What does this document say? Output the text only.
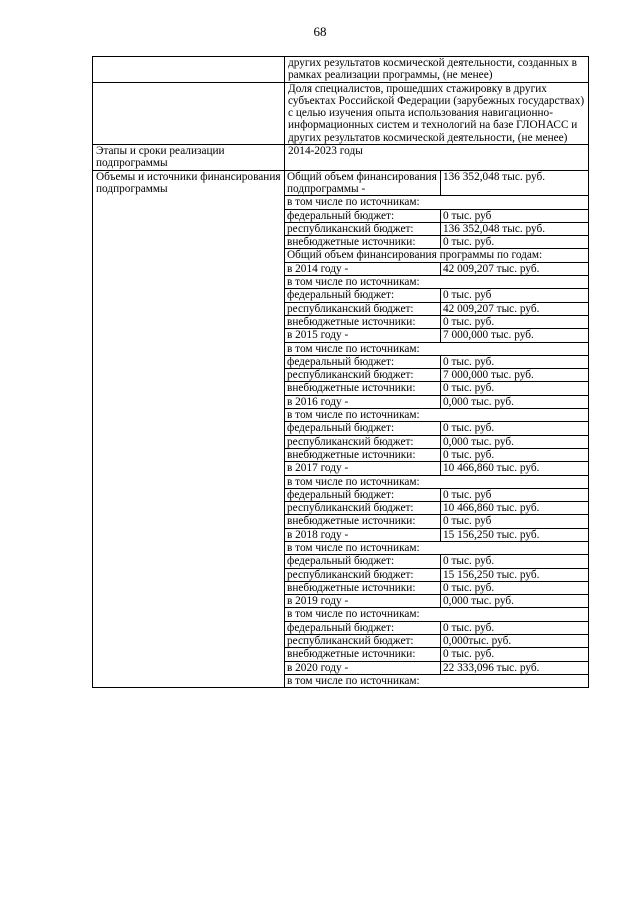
68
	других результатов космической деятельности, созданных в рамках реализации программы, (не менее)
	Доля специалистов, прошедших стажировку в других субъектах Российской Федерации (зарубежных государствах) с целью изучения опыта использования навигационно-информационных систем и технологий на базе ГЛОНАСС и других результатов космической деятельности, (не менее)
Этапы и сроки реализации подпрограммы	2014-2023 годы
Объемы и источники финансирования подпрограммы	
Общий объем финансирования подпрограммы -	136 352,048 тыс. руб.
в том числе по источникам:
федеральный бюджет:	0 тыс. руб
республиканский бюджет:	136 352,048 тыс. руб.
внебюджетные источники:	0 тыс. руб.
Общий объем финансирования программы по годам:
в 2014 году -	42 009,207 тыс. руб.
в том числе по источникам:
федеральный бюджет:	0 тыс. руб
республиканский бюджет:	42 009,207 тыс. руб.
внебюджетные источники:	0 тыс. руб.
в 2015 году -	7 000,000 тыс. руб.
в том числе по источникам:
федеральный бюджет:	0 тыс. руб.
республиканский бюджет:	7 000,000 тыс. руб.
внебюджетные источники:	0 тыс. руб.
в 2016 году -	0,000 тыс. руб.
в том числе по источникам:
федеральный бюджет:	0 тыс. руб.
республиканский бюджет:	0,000 тыс. руб.
внебюджетные источники:	0 тыс. руб.
в 2017 году -	10 466,860 тыс. руб.
в том числе по источникам:
федеральный бюджет:	0 тыс. руб
республиканский бюджет:	10 466,860 тыс. руб.
внебюджетные источники:	0 тыс. руб
в 2018 году -	15 156,250 тыс. руб.
в том числе по источникам:
федеральный бюджет:	0 тыс. руб.
республиканский бюджет:	15 156,250 тыс. руб.
внебюджетные источники:	0 тыс. руб.
в 2019 году -	0,000 тыс. руб.
в том числе по источникам:
федеральный бюджет:	0 тыс. руб.
республиканский бюджет:	0,000тыс. руб.
внебюджетные источники:	0 тыс. руб.
в 2020 году -	22 333,096 тыс. руб.
в том числе по источникам:
